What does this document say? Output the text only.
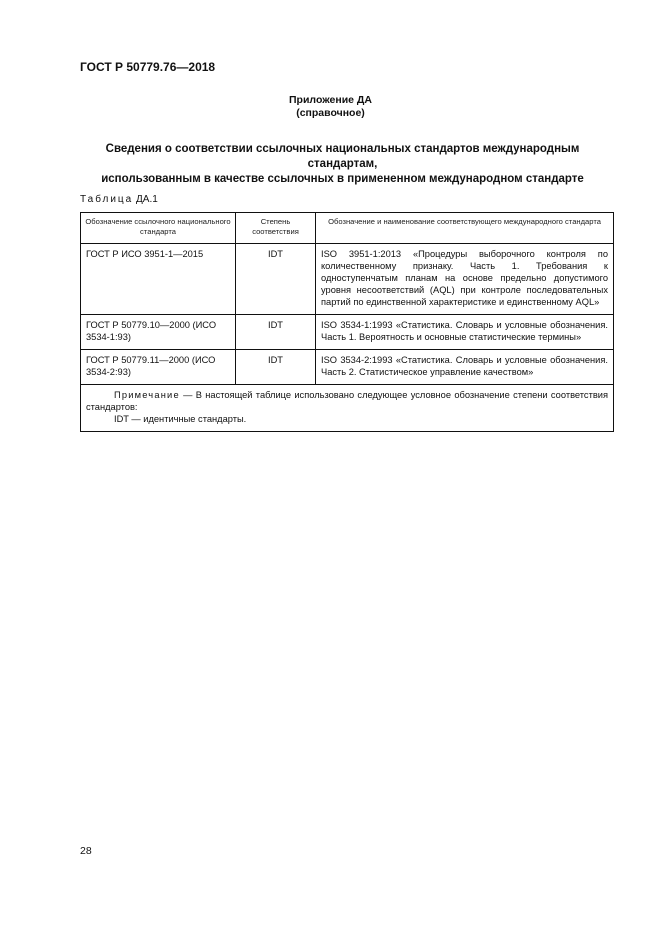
ГОСТ Р 50779.76—2018
Приложение ДА
(справочное)
Сведения о соответствии ссылочных национальных стандартов международным стандартам,
использованным в качестве ссылочных в примененном международном стандарте
Таблица ДА.1
Обозначение ссылочного национального стандарта	Степень соответствия	Обозначение и наименование соответствующего международного стандарта
ГОСТ Р ИСО 3951-1—2015	IDT	ISO 3951-1:2013 «Процедуры выборочного контроля по количественному признаку. Часть 1. Требования к одноступенчатым планам на основе предельно допустимого уровня несоответствий (AQL) при контроле последовательных партий по единственной характеристике и единственному AQL»
ГОСТ Р 50779.10—2000 (ИСО 3534-1:93)	IDT	ISO 3534-1:1993 «Статистика. Словарь и условные обозначения. Часть 1. Вероятность и основные статистические термины»
ГОСТ Р 50779.11—2000 (ИСО 3534-2:93)	IDT	ISO 3534-2:1993 «Статистика. Словарь и условные обозначения. Часть 2. Статистическое управление качеством»

Примечание — В настоящей таблице использовано следующее условное обозначение степени соответствия стандартов:
IDT — идентичные стандарты.		
28
